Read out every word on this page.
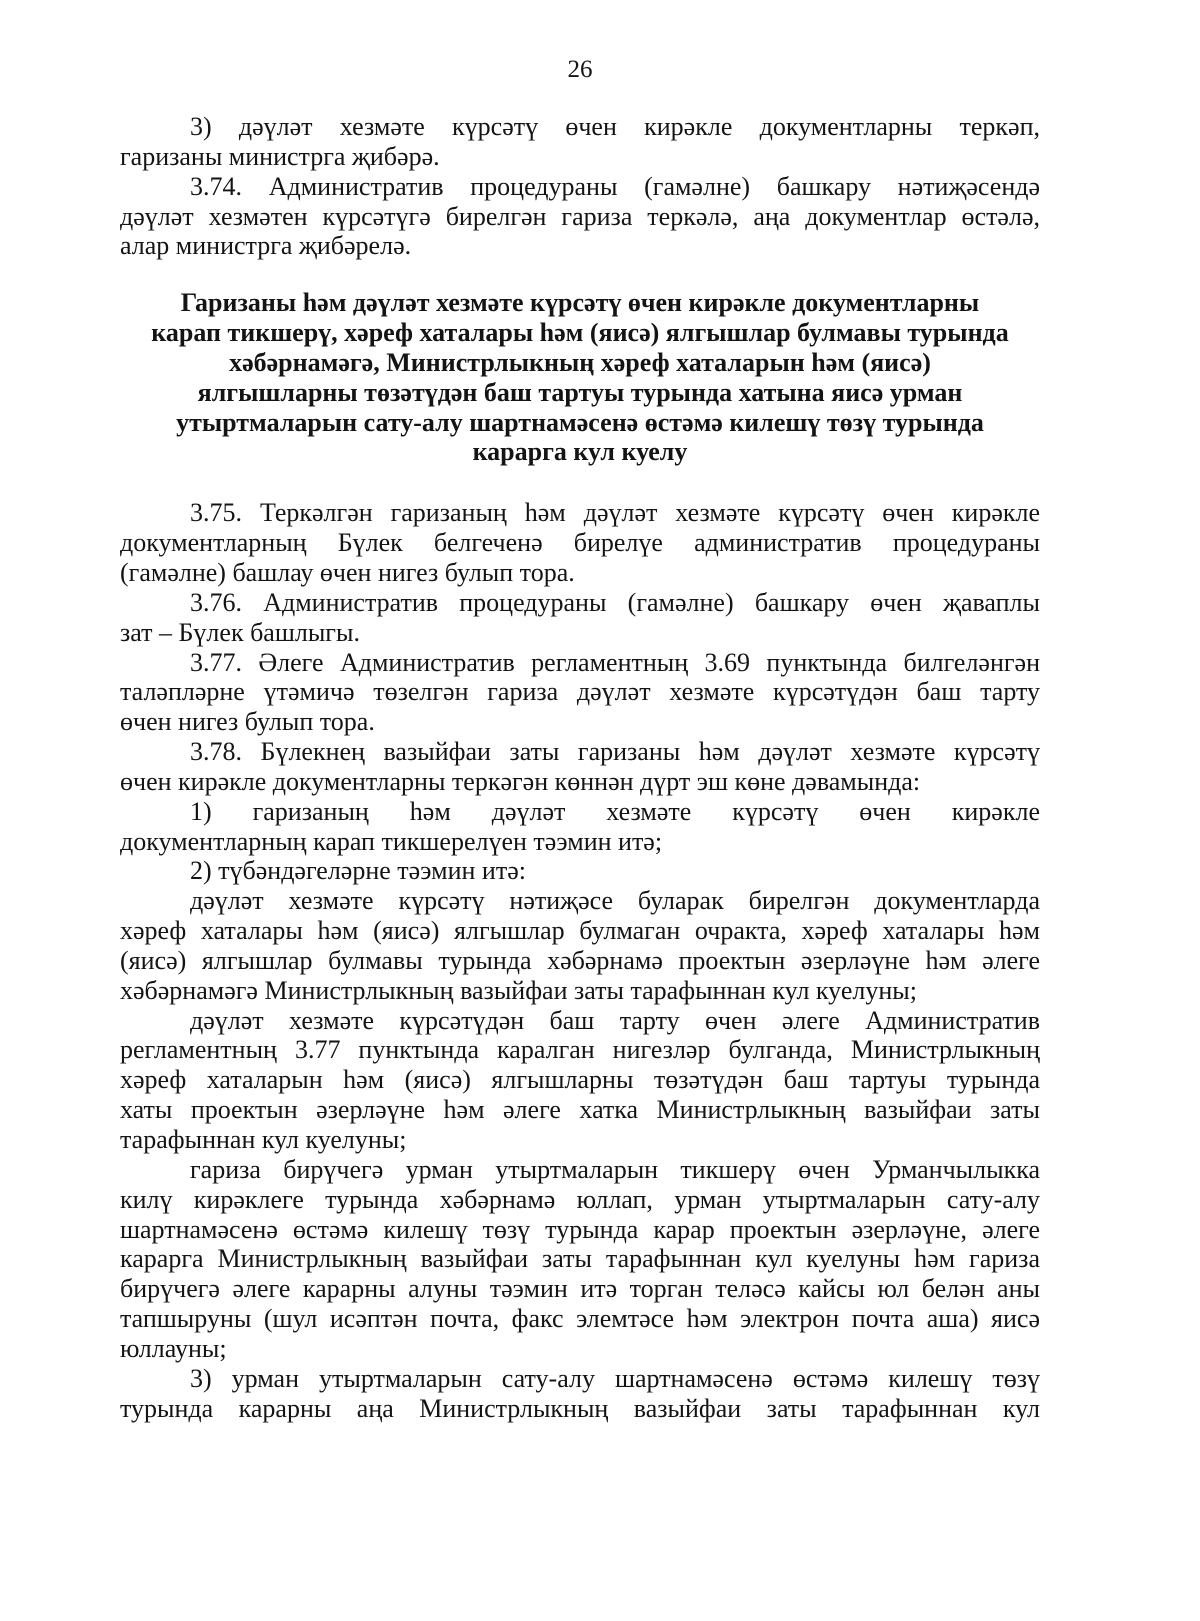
26
3) дәүләт хезмәте күрсәтү өчен кирәкле документларны теркәп,
гаризаны министрга җибәрә.
3.74. Административ процедураны (гамәлне) башкару нәтиҗәсендә
дәүләт хезмәтен күрсәтүгә бирелгән гариза теркәлә, аңа документлар өстәлә,
алар министрга җибәрелә.
Гаризаны һәм дәүләт хезмәте күрсәтү өчен кирәкле документларны
карап тикшерү, хәреф хаталары һәм (яисә) ялгышлар булмавы турында
хәбәрнамәгә, Министрлыкның хәреф хаталарын һәм (яисә)
ялгышларны төзәтүдән баш тартуы турында хатына яисә урман
утыртмаларын сату-алу шартнамәсенә өстәмә килешү төзү турында
карарга кул куелу
3.75. Теркәлгән гаризаның һәм дәүләт хезмәте күрсәтү өчен кирәкле
документларның Бүлек белгеченә бирелүе административ процедураны
(гамәлне) башлау өчен нигез булып тора.
3.76. Административ процедураны (гамәлне) башкару өчен җаваплы
зат – Бүлек башлыгы.
3.77. Әлеге Административ регламентның 3.69 пунктында билгеләнгән
таләпләрне үтәмичә төзелгән гариза дәүләт хезмәте күрсәтүдән баш тарту
өчен нигез булып тора.
3.78. Бүлекнең вазыйфаи заты гаризаны һәм дәүләт хезмәте күрсәтү
өчен кирәкле документларны теркәгән көннән дүрт эш көне дәвамында:
1) гаризаның һәм дәүләт хезмәте күрсәтү өчен кирәкле
документларның карап тикшерелүен тәэмин итә;
2) түбәндәгеләрне тәэмин итә:
дәүләт хезмәте күрсәтү нәтиҗәсе буларак бирелгән документларда
хәреф хаталары һәм (яисә) ялгышлар булмаган очракта, хәреф хаталары һәм
(яисә) ялгышлар булмавы турында хәбәрнамә проектын әзерләүне һәм әлеге
хәбәрнамәгә Министрлыкның вазыйфаи заты тарафыннан кул куелуны;
дәүләт хезмәте күрсәтүдән баш тарту өчен әлеге Административ
регламентның 3.77 пунктында каралган нигезләр булганда, Министрлыкның
хәреф хаталарын һәм (яисә) ялгышларны төзәтүдән баш тартуы турында
хаты проектын әзерләүне һәм әлеге хатка Министрлыкның вазыйфаи заты
тарафыннан кул куелуны;
гариза бирүчегә урман утыртмаларын тикшерү өчен Урманчылыкка
килү кирәклеге турында хәбәрнамә юллап, урман утыртмаларын сату-алу
шартнамәсенә өстәмә килешү төзү турында карар проектын әзерләүне, әлеге
карарга Министрлыкның вазыйфаи заты тарафыннан кул куелуны һәм гариза
бирүчегә әлеге карарны алуны тәэмин итә торган теләсә кайсы юл белән аны
тапшыруны (шул исәптән почта, факс элемтәсе һәм электрон почта аша) яисә
юллауны;
3) урман утыртмаларын сату-алу шартнамәсенә өстәмә килешү төзү
турында карарны аңа Министрлыкның вазыйфаи заты тарафыннан кул
